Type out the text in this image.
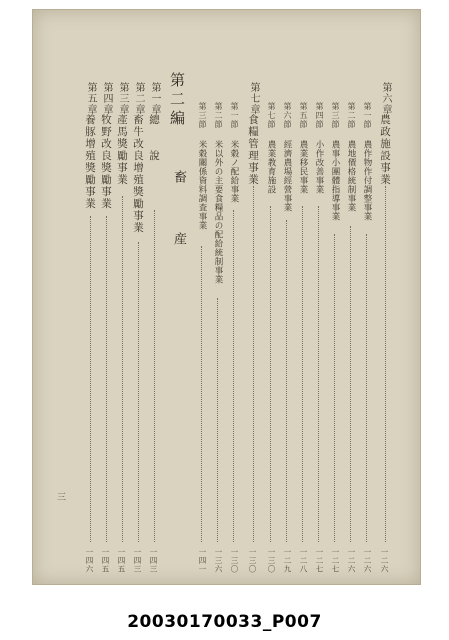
第六章
農政施設事業
一二六
第一節
農作物作付調整事業
一二六
第二節
農地價格統制事業
一二六
第三節
農事小團體指導事業
一二七
第四節
小作改善事業
一二七
第五節
農業移民事業
一二八
第六節
經濟農場經營事業
一二九
第七節
農業教育施設
一三〇
第七章
食糧管理事業
一三〇
第一節
米穀ノ配給事業
一三〇
第二節
米以外の主要食糧品の配給統制事業
一三六
第三節
米穀關係資料調査事業
一四一
第二編
畜　産
第一章
總　　說
一四三
第二章
畜牛改良增殖獎勵事業
一四三
第三章
產馬獎勵事業
一四五
第四章
牧野改良獎勵事業
一四五
第五章
養豚增殖獎勵事業
一四六
三
20030170033_P007
